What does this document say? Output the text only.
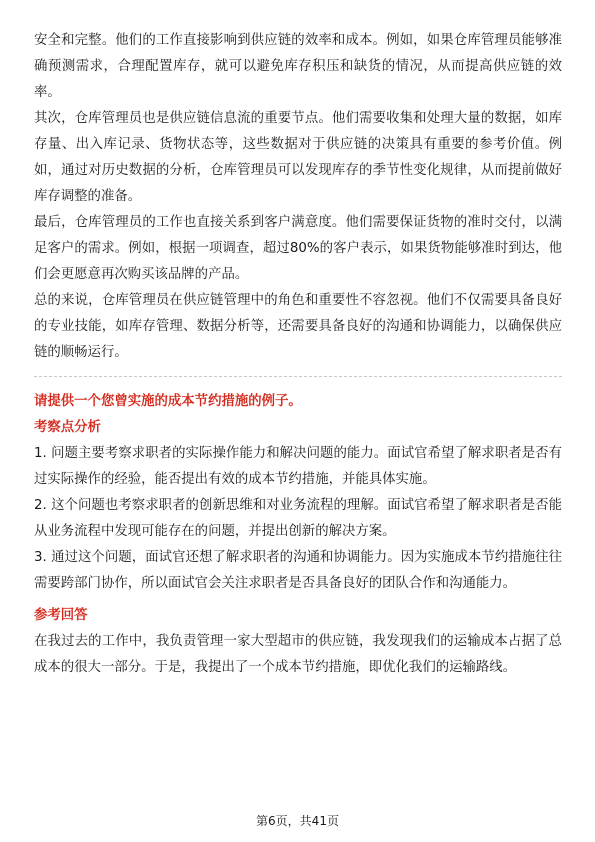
安全和完整。他们的工作直接影响到供应链的效率和成本。例如，如果仓库管理员能够准确预测需求，合理配置库存，就可以避免库存积压和缺货的情况，从而提高供应链的效率。

其次，仓库管理员也是供应链信息流的重要节点。他们需要收集和处理大量的数据，如库存量、出入库记录、货物状态等，这些数据对于供应链的决策具有重要的参考价值。例如，通过对历史数据的分析，仓库管理员可以发现库存的季节性变化规律，从而提前做好库存调整的准备。

最后，仓库管理员的工作也直接关系到客户满意度。他们需要保证货物的准时交付，以满足客户的需求。例如，根据一项调查，超过80%的客户表示，如果货物能够准时到达，他们会更愿意再次购买该品牌的产品。

总的来说，仓库管理员在供应链管理中的角色和重要性不容忽视。他们不仅需要具备良好的专业技能，如库存管理、数据分析等，还需要具备良好的沟通和协调能力，以确保供应链的顺畅运行。

请提供一个您曾实施的成本节约措施的例子。

考察点分析

1. 问题主要考察求职者的实际操作能力和解决问题的能力。面试官希望了解求职者是否有过实际操作的经验，能否提出有效的成本节约措施，并能具体实施。

2. 这个问题也考察求职者的创新思维和对业务流程的理解。面试官希望了解求职者是否能从业务流程中发现可能存在的问题，并提出创新的解决方案。

3. 通过这个问题，面试官还想了解求职者的沟通和协调能力。因为实施成本节约措施往往需要跨部门协作，所以面试官会关注求职者是否具备良好的团队合作和沟通能力。

参考回答

在我过去的工作中，我负责管理一家大型超市的供应链，我发现我们的运输成本占据了总成本的很大一部分。于是，我提出了一个成本节约措施，即优化我们的运输路线。

第6页，共41页
